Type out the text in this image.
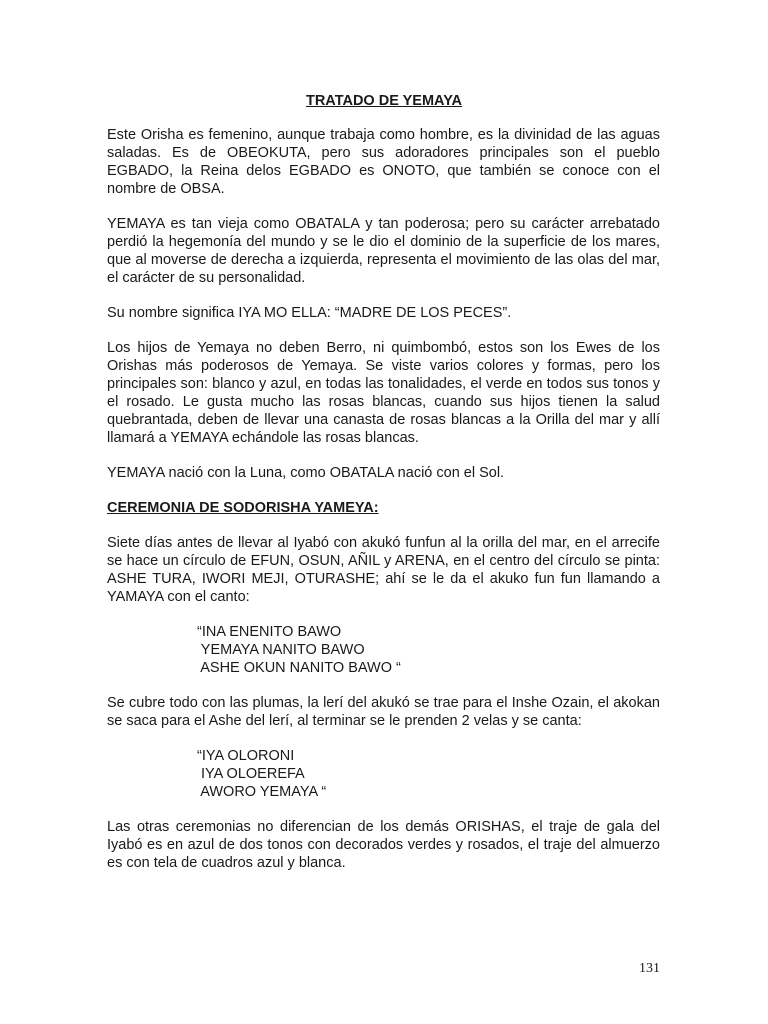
TRATADO DE YEMAYA

Este Orisha es femenino, aunque trabaja como hombre, es la divinidad de las aguas saladas. Es de OBEOKUTA, pero sus adoradores principales son el pueblo EGBADO, la Reina delos EGBADO es ONOTO, que también se conoce con el nombre de OBSA.

YEMAYA es tan vieja como OBATALA y tan poderosa; pero su carácter arrebatado perdió la hegemonía del mundo y se le dio el dominio de la superficie de los mares, que al moverse de derecha a izquierda, representa el movimiento de las olas del mar, el carácter de su personalidad.

Su nombre significa IYA MO ELLA: “MADRE DE LOS PECES”.

Los hijos de Yemaya no deben Berro, ni quimbombó, estos son los Ewes de los Orishas más poderosos de Yemaya. Se viste varios colores y formas, pero los principales son: blanco y azul, en todas las tonalidades, el verde en todos sus tonos y el rosado. Le gusta mucho las rosas blancas, cuando sus hijos tienen la salud quebrantada, deben de llevar una canasta de rosas blancas a la Orilla del mar y allí llamará a YEMAYA echándole las rosas blancas.

YEMAYA nació con la Luna, como OBATALA nació con el Sol.

CEREMONIA DE SODORISHA YAMEYA:

Siete días antes de llevar al Iyabó con akukó funfun al la orilla del mar, en el arrecife se hace un círculo de EFUN, OSUN, AÑIL y ARENA, en el centro del círculo se pinta: ASHE TURA, IWORI MEJI, OTURASHE; ahí se le da el akuko fun fun llamando a YAMAYA con el canto:

“INA ENENITO BAWO
YEMAYA NANITO BAWO
ASHE OKUN NANITO BAWO “

Se cubre todo con las plumas, la lerí del akukó se trae para el Inshe Ozain, el akokan se saca para el Ashe del lerí, al terminar se le prenden 2 velas y se canta:

“IYA OLORONI
IYA OLOEREFA
AWORO YEMAYA “

Las otras ceremonias no diferencian de los demás ORISHAS, el traje de gala del Iyabó es en azul de dos tonos con decorados verdes y rosados, el traje del almuerzo es con tela de cuadros azul y blanca.

131
